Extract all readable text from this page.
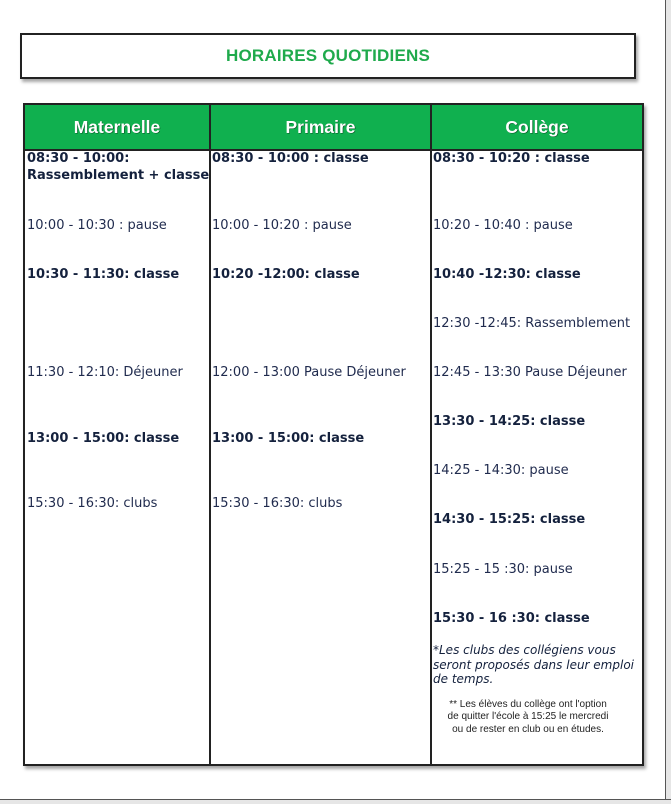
HORAIRES QUOTIDIENS
Maternelle	Primaire	Collège
08:30 - 10:00:
Rassemblement + classe
10:00 - 10:30 : pause
10:30 - 11:30: classe
11:30 - 12:10: Déjeuner
13:00 - 15:00: classe
15:30 - 16:30: clubs
08:30 - 10:00 : classe
10:00 - 10:20 : pause
10:20 -12:00: classe
12:00 - 13:00 Pause Déjeuner
13:00 - 15:00: classe
15:30 - 16:30: clubs
08:30 - 10:20 : classe
10:20 - 10:40 : pause
10:40 -12:30: classe
12:30 -12:45: Rassemblement
12:45 - 13:30 Pause Déjeuner
13:30 - 14:25: classe
14:25 - 14:30: pause
14:30 - 15:25: classe
15:25 - 15 :30: pause
15:30 - 16 :30: classe
*Les clubs des collégiens vous seront proposés dans leur emploi de temps.
** Les élèves du collège ont l'option de quitter l'école à 15:25 le mercredi ou de rester en club ou en études.
